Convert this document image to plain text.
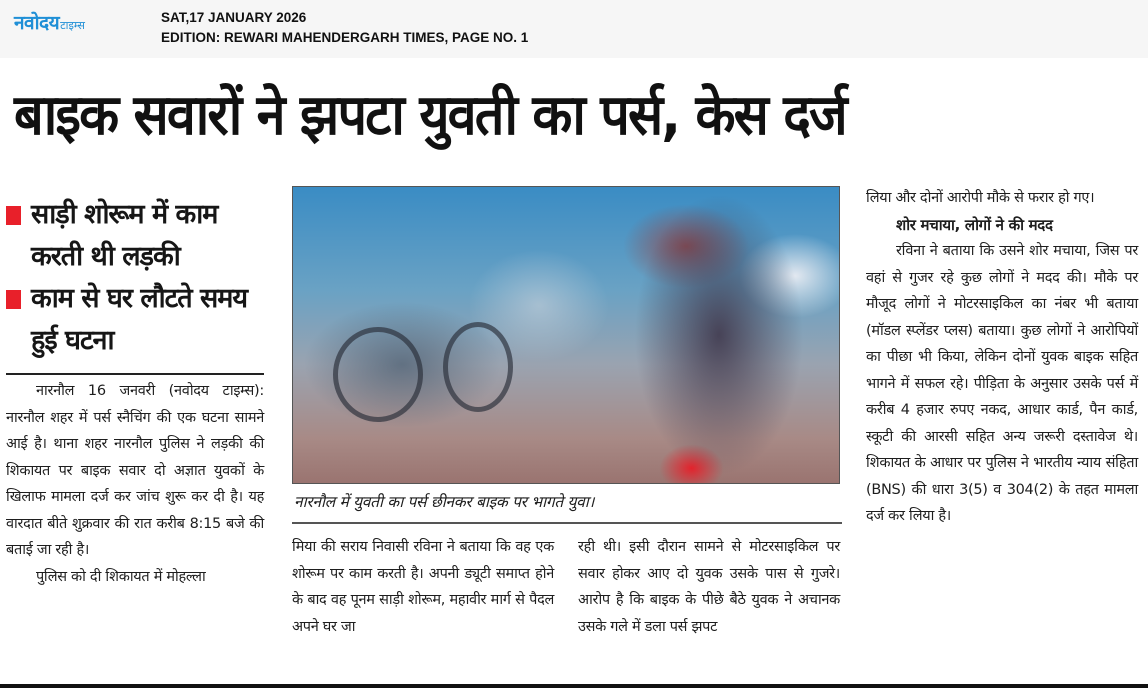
नवोदय टाइम्स
SAT,17 JANUARY 2026
EDITION: REWARI MAHENDERGARH TIMES, PAGE NO. 1
बाइक सवारों ने झपटा युवती का पर्स, केस दर्ज
साड़ी शोरूम में काम करती थी लड़की
काम से घर लौटते समय हुई घटना

नारनौल 16 जनवरी (नवोदय टाइम्स): नारनौल शहर में पर्स स्नैचिंग की एक घटना सामने आई है। थाना शहर नारनौल पुलिस ने लड़की की शिकायत पर बाइक सवार दो अज्ञात युवकों के खिलाफ मामला दर्ज कर जांच शुरू कर दी है। यह वारदात बीते शुक्रवार की रात करीब 8:15 बजे की बताई जा रही है।

पुलिस को दी शिकायत में मोहल्ला

नारनौल में युवती का पर्स छीनकर बाइक पर भागते युवा।

मिया की सराय निवासी रविना ने बताया कि वह एक शोरूम पर काम करती है। अपनी ड्यूटी समाप्त होने के बाद वह पूनम साड़ी शोरूम, महावीर मार्ग से पैदल अपने घर जा

रही थी। इसी दौरान सामने से मोटरसाइकिल पर सवार होकर आए दो युवक उसके पास से गुजरे। आरोप है कि बाइक के पीछे बैठे युवक ने अचानक उसके गले में डला पर्स झपट

लिया और दोनों आरोपी मौके से फरार हो गए।

शोर मचाया, लोगों ने की मदद

रविना ने बताया कि उसने शोर मचाया, जिस पर वहां से गुजर रहे कुछ लोगों ने मदद की। मौके पर मौजूद लोगों ने मोटरसाइकिल का नंबर भी बताया (मॉडल स्प्लेंडर प्लस) बताया। कुछ लोगों ने आरोपियों का पीछा भी किया, लेकिन दोनों युवक बाइक सहित भागने में सफल रहे। पीड़िता के अनुसार उसके पर्स में करीब 4 हजार रुपए नकद, आधार कार्ड, पैन कार्ड, स्कूटी की आरसी सहित अन्य जरूरी दस्तावेज थे। शिकायत के आधार पर पुलिस ने भारतीय न्याय संहिता (BNS) की धारा 3(5) व 304(2) के तहत मामला दर्ज कर लिया है।
